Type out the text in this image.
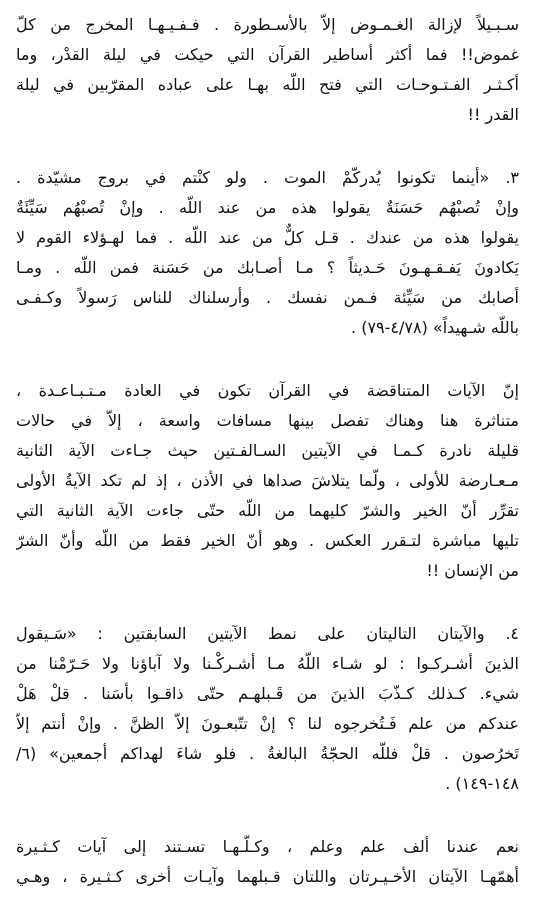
سـبـيلاً لإزالة الغـمـوض إلاّ بالأسـطورة . فـفـيـهـا المخرج من كلّ
غموض!! فما أكثر أساطير القرآن التي حيكت في ليلة القدْر، وما
أكـثـر الفـتـوحـات التي فتح اللّه بهـا على عباده المقرّبين في ليلة
القدر !!
٣. «أينما تكونوا يُدركّمْ الموت . ولو كنْتم في بروج مشيّدة .
وإنْ تُصبْهُم حَسَنَةٌ يقولوا هذه من عند اللّه . وإنْ تُصبْهُم سَيِّئَةٌ
يقولوا هذه من عندك . قـل كلٌّ من عند اللّه . فما لهـؤلاء القوم لا
يَكادونَ يَفـقـهـونَ حَـديثاً ؟ مـا أصـابك من حَسَنة فمن اللّه . ومـا
أصابك من سَيِّئة فـمن نفسك . وأرسلناك للناس رَسولاً وكـفـى
باللّه شـهيداً» (٤/٧٨-٧٩) .
إنّ الآيات المتناقضة في القرآن تكون في العادة مـتـبـاعـدة ،
متناثرة هنا وهناك تفصل بينها مسافات واسعة ، إلاّ في حالات
قليلة نادرة كـمـا في الآيتين السـالفـتين حيث جـاءت الآية الثانية
مـعـارضة للأولى ، ولّما يتلاشَ صداها في الأذن ، إذ لم تكد الآيةُ الأولى
تقرِّر أنّ الخير والشرّ كليهما من اللّه حتّى جاءت الآية الثانية التي
تليها مباشرة لتـقرر العكس . وهو أنّ الخير فقط من اللّه وأنّ الشرّ
من الإنسان !!
٤. والآيتان التاليتان على نمط الآيتين السابقتين : «سَـيقول
الذينَ أشـركـوا : لو شـاء اللّهُ مـا أشـركْـنا ولا آباؤنا ولا حَـرّمْنا من
شيء. كـذلك كـذّبَ الذينَ من قَـبلهـم حتّى ذاقـوا بأسَنا . قلْ هَلْ
عندكم من علم فَـتُخرجوه لنا ؟ إنْ تتّبعـونَ إلاّ الظنَّ . وإنْ أنتم إلاّ
تَخرُصون . قلْ فللّه الحجّةُ البالغةُ . فلو شاءَ لهداكم أجمعين» (٦/
١٤٨-١٤٩) .
نعم عندنا ألف علم وعلم ، وكـلّـهـا تسـتند إلى آيات كـثـيرة
أهمّهـا الآيتان الأخـيـرتان واللتان قـبلهما وآيـات أخرى كـثـيرة ، وهـي
